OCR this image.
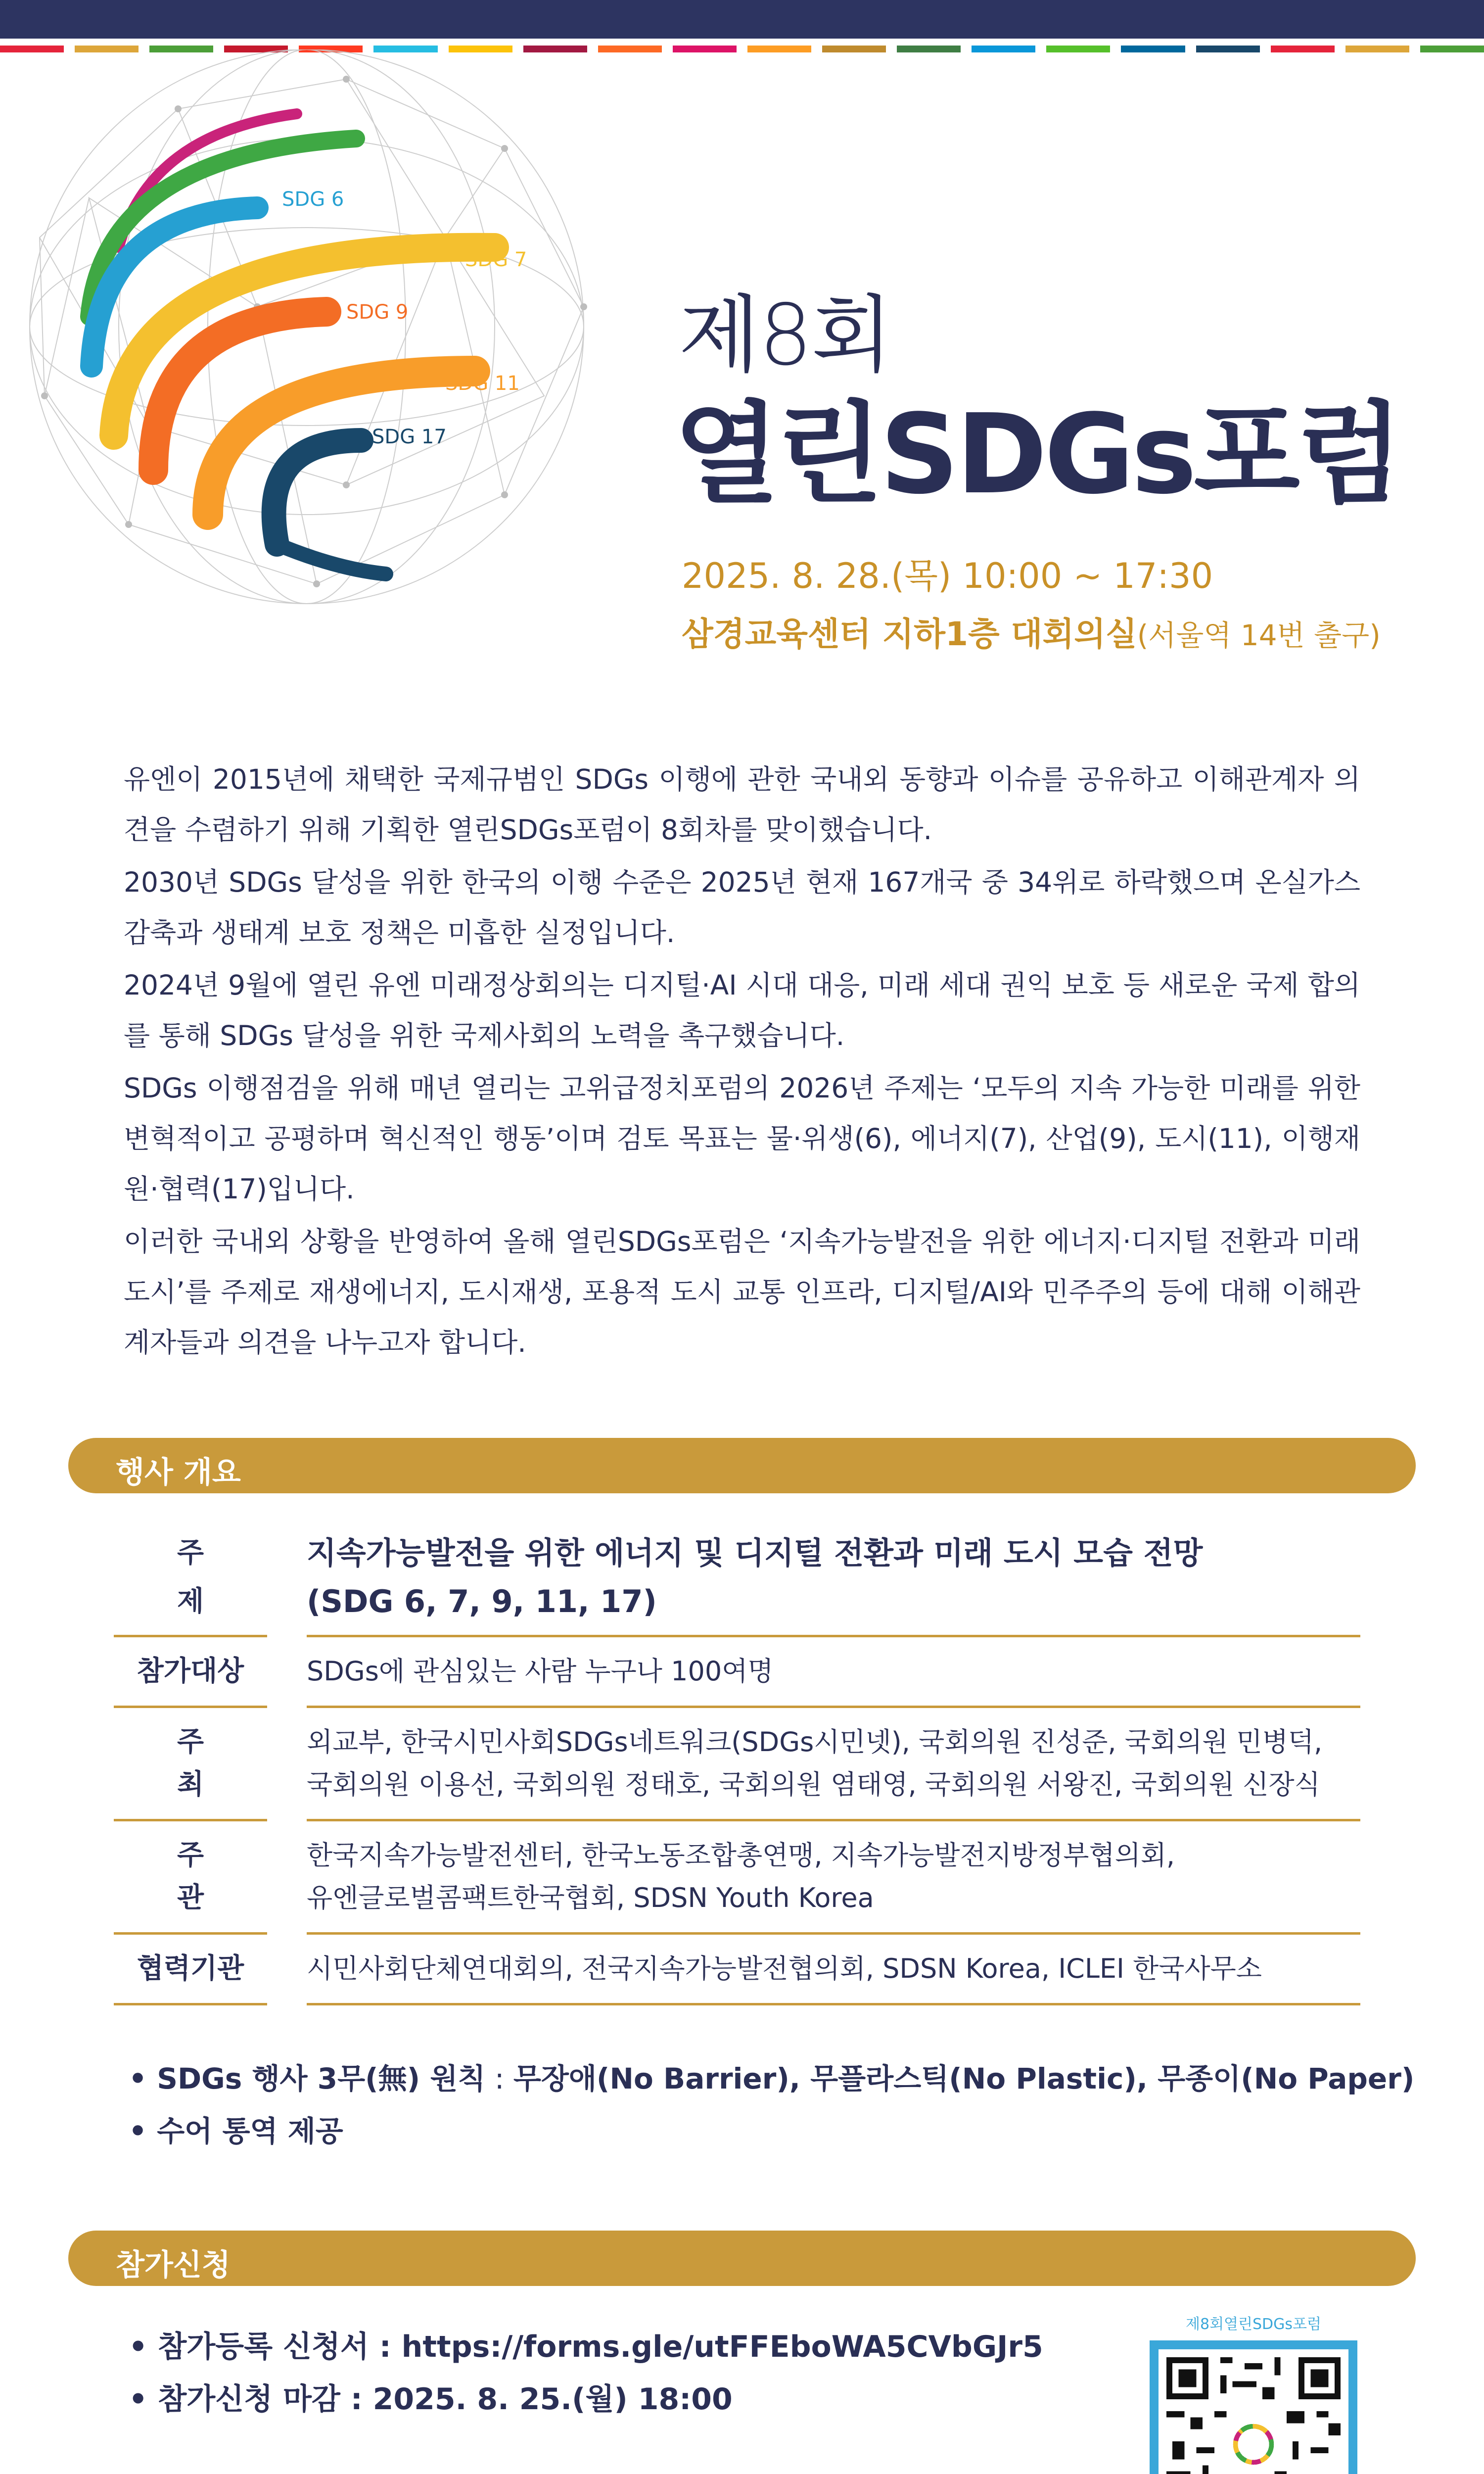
SDG 6
SDG 7
SDG 9
SDG 11
SDG 17
제8회
열린SDGs포럼
2025. 8. 28.(목) 10:00 ~ 17:30
삼경교육센터 지하1층 대회의실(서울역 14번 출구)

유엔이 2015년에 채택한 국제규범인 SDGs 이행에 관한 국내외 동향과 이슈를 공유하고 이해관계자 의견을 수렴하기 위해 기획한 열린SDGs포럼이 8회차를 맞이했습니다.

2030년 SDGs 달성을 위한 한국의 이행 수준은 2025년 현재 167개국 중 34위로 하락했으며 온실가스 감축과 생태계 보호 정책은 미흡한 실정입니다.

2024년 9월에 열린 유엔 미래정상회의는 디지털·AI 시대 대응, 미래 세대 권익 보호 등 새로운 국제 합의를 통해 SDGs 달성을 위한 국제사회의 노력을 촉구했습니다.

SDGs 이행점검을 위해 매년 열리는 고위급정치포럼의 2026년 주제는 ‘모두의 지속 가능한 미래를 위한 변혁적이고 공평하며 혁신적인 행동’이며 검토 목표는 물·위생(6), 에너지(7), 산업(9), 도시(11), 이행재원·협력(17)입니다.

이러한 국내외 상황을 반영하여 올해 열린SDGs포럼은 ‘지속가능발전을 위한 에너지·디지털 전환과 미래 도시’를 주제로 재생에너지, 도시재생, 포용적 도시 교통 인프라, 디지털/AI와 민주주의 등에 대해 이해관계자들과 의견을 나누고자 합니다.

행사 개요
주제
지속가능발전을 위한 에너지 및 디지털 전환과 미래 도시 모습 전망
(SDG 6, 7, 9, 11, 17)
참가대상	SDGs에 관심있는 사람 누구나 100여명
주최
외교부, 한국시민사회SDGs네트워크(SDGs시민넷), 국회의원 진성준, 국회의원 민병덕,
국회의원 이용선, 국회의원 정태호, 국회의원 염태영, 국회의원 서왕진, 국회의원 신장식
주관
한국지속가능발전센터, 한국노동조합총연맹, 지속가능발전지방정부협의회,
유엔글로벌콤팩트한국협회, SDSN Youth Korea
협력기관	시민사회단체연대회의, 전국지속가능발전협의회, SDSN Korea, ICLEI 한국사무소
• SDGs 행사 3무(無) 원칙 : 무장애(No Barrier), 무플라스틱(No Plastic), 무종이(No Paper)
• 수어 통역 제공
참가신청
• 참가등록 신청서 : https://forms.gle/utFFEboWA5CVbGJr5
• 참가신청 마감 : 2025. 8. 25.(월) 18:00
제8회열린SDGs포럼
